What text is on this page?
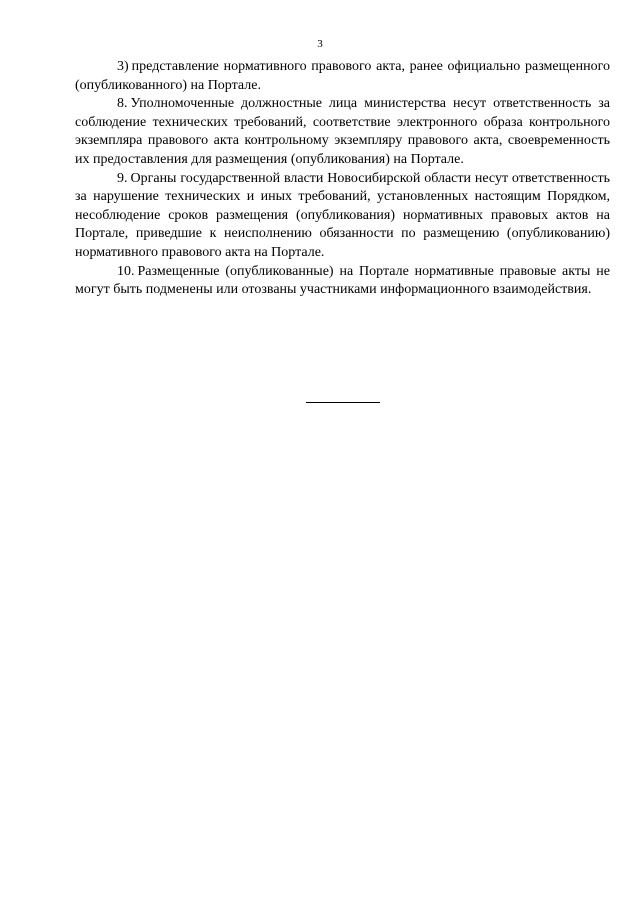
3

3) представление нормативного правового акта, ранее официально размещенного (опубликованного) на Портале.

8. Уполномоченные должностные лица министерства несут ответственность за соблюдение технических требований, соответствие электронного образа контрольного экземпляра правового акта контрольному экземпляру правового акта, своевременность их предоставления для размещения (опубликования) на Портале.

9. Органы государственной власти Новосибирской области несут ответственность за нарушение технических и иных требований, установленных настоящим Порядком, несоблюдение сроков размещения (опубликования) нормативных правовых актов на Портале, приведшие к неисполнению обязанности по размещению (опубликованию) нормативного правового акта на Портале.

10. Размещенные (опубликованные) на Портале нормативные правовые акты не могут быть подменены или отозваны участниками информационного взаимодействия.
